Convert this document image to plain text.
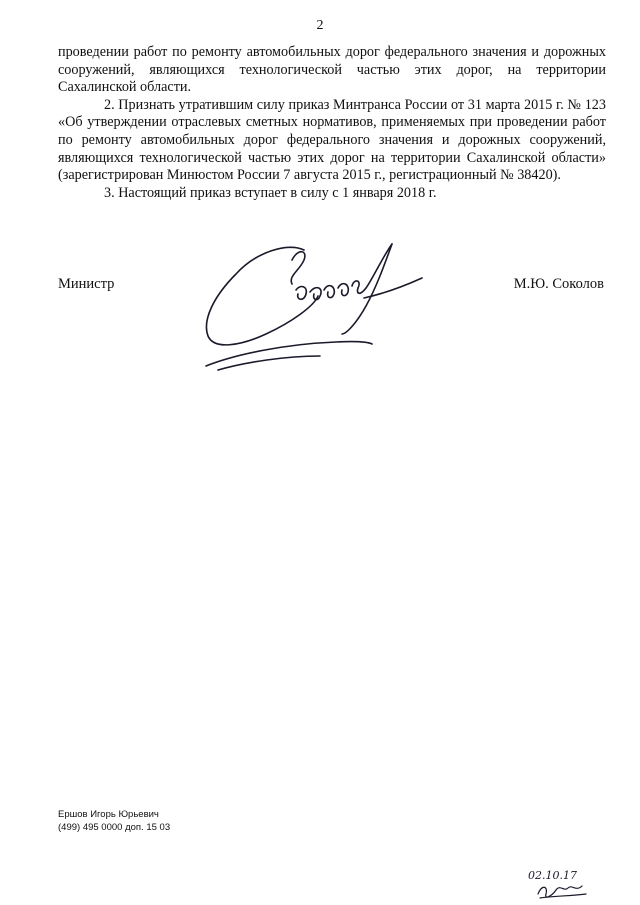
2

проведении работ по ремонту автомобильных дорог федерального значения и дорожных сооружений, являющихся технологической частью этих дорог, на территории Сахалинской области.

2. Признать утратившим силу приказ Минтранса России от 31 марта 2015 г. № 123 «Об утверждении отраслевых сметных нормативов, применяемых при проведении работ по ремонту автомобильных дорог федерального значения и дорожных сооружений, являющихся технологической частью этих дорог на территории Сахалинской области» (зарегистрирован Минюстом России 7 августа 2015 г., регистрационный № 38420).

3. Настоящий приказ вступает в силу с 1 января 2018 г.

Министр	М.Ю. Соколов
Ершов Игорь Юрьевич
(499) 495 0000 доп. 15 03
02.10.17
